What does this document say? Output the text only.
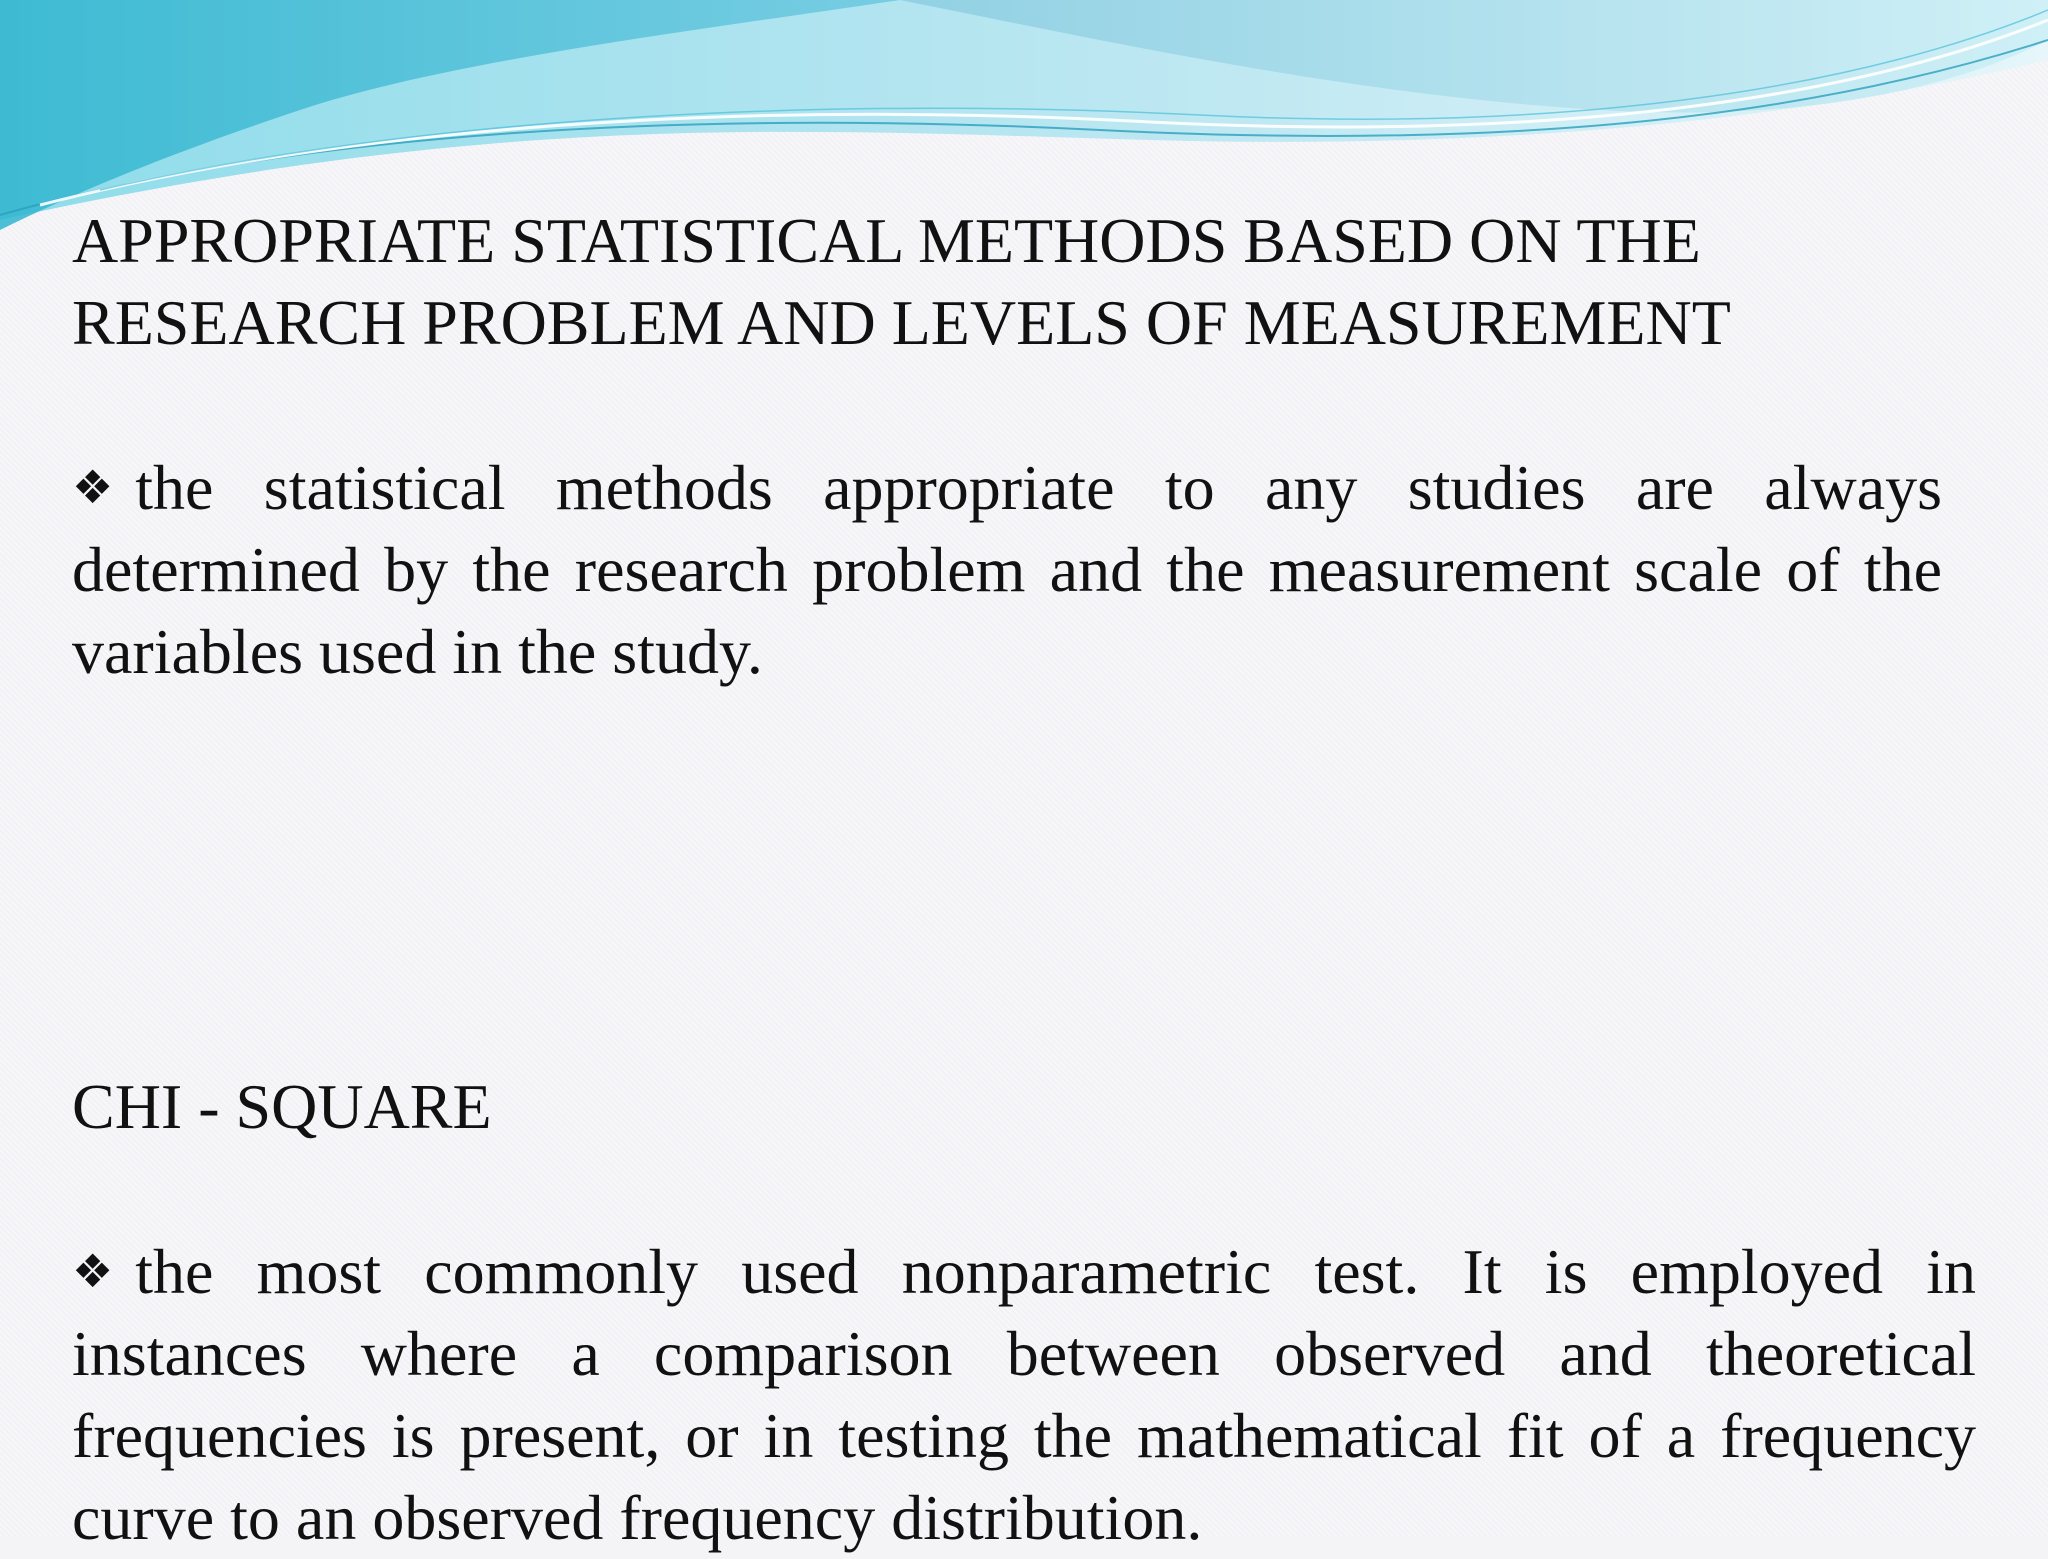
APPROPRIATE STATISTICAL METHODS BASED ON THE

RESEARCH PROBLEM AND LEVELS OF MEASUREMENT

❖ the statistical methods appropriate to any studies are always determined by the research problem and the measurement scale of the variables used in the study.

CHI - SQUARE

❖ the most commonly used nonparametric test. It is employed in instances where a comparison between observed and theoretical frequencies is present, or in testing the mathematical fit of a frequency curve to an observed frequency distribution.
